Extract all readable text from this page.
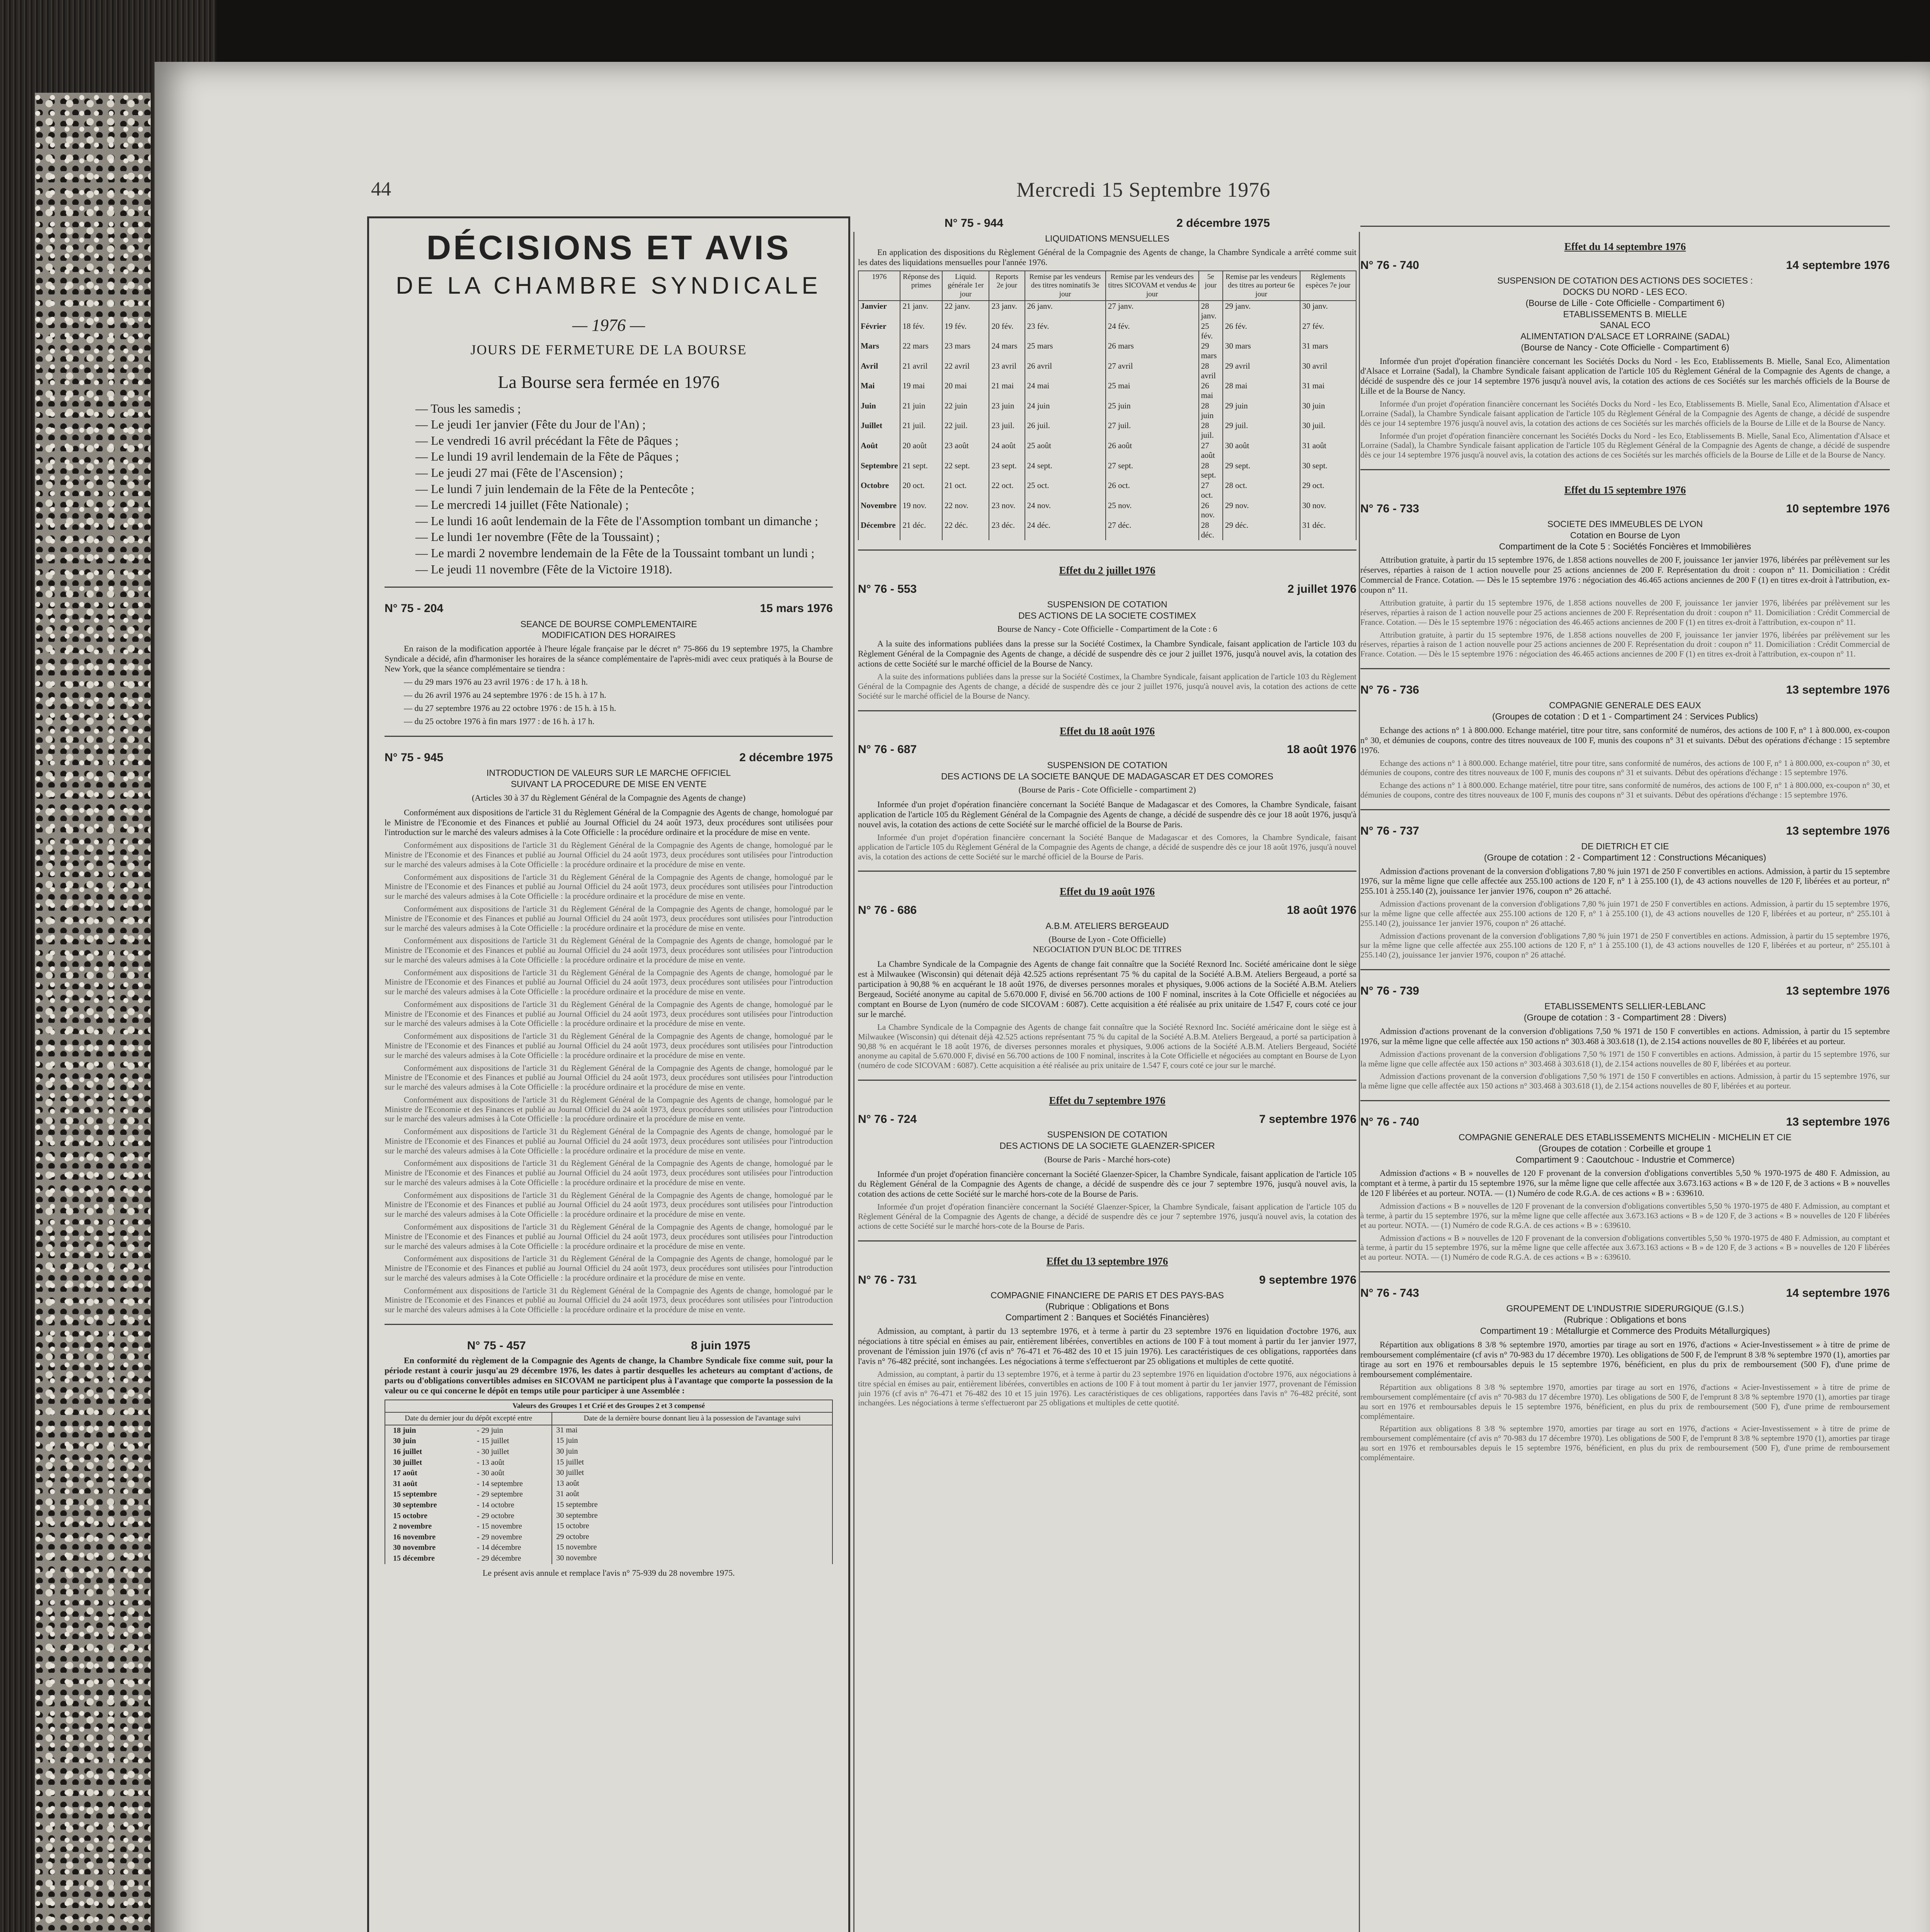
44	Mercredi 15 Septembre 1976
DÉCISIONS ET AVIS
DE LA CHAMBRE SYNDICALE
— 1976 —
JOURS DE FERMETURE DE LA BOURSE
La Bourse sera fermée en 1976
— Tous les samedis ;
— Le jeudi 1er janvier (Fête du Jour de l'An) ;
— Le vendredi 16 avril précédant la Fête de Pâques ;
— Le lundi 19 avril lendemain de la Fête de Pâques ;
— Le jeudi 27 mai (Fête de l'Ascension) ;
— Le lundi 7 juin lendemain de la Fête de la Pentecôte ;
— Le mercredi 14 juillet (Fête Nationale) ;
— Le lundi 16 août lendemain de la Fête de l'Assomption tombant un dimanche ;
— Le lundi 1er novembre (Fête de la Toussaint) ;
— Le mardi 2 novembre lendemain de la Fête de la Toussaint tombant un lundi ;
— Le jeudi 11 novembre (Fête de la Victoire 1918).
N° 75 - 204	15 mars 1976
SEANCE DE BOURSE COMPLEMENTAIRE
MODIFICATION DES HORAIRES

En raison de la modification apportée à l'heure légale française par le décret n° 75-866 du 19 septembre 1975, la Chambre Syndicale a décidé, afin d'harmoniser les horaires de la séance complémentaire de l'après-midi avec ceux pratiqués à la Bourse de New York, que la séance complémentaire se tiendra :

— du 29 mars 1976 au 23 avril 1976 : de 17 h. à 18 h.

— du 26 avril 1976 au 24 septembre 1976 : de 15 h. à 17 h.

— du 27 septembre 1976 au 22 octobre 1976 : de 15 h. à 15 h.

— du 25 octobre 1976 à fin mars 1977 : de 16 h. à 17 h.

N° 75 - 945	2 décembre 1975
INTRODUCTION DE VALEURS SUR LE MARCHE OFFICIEL
SUIVANT LA PROCEDURE DE MISE EN VENTE
(Articles 30 à 37 du Règlement Général de la Compagnie des Agents de change)

Conformément aux dispositions de l'article 31 du Règlement Général de la Compagnie des Agents de change, homologué par le Ministre de l'Economie et des Finances et publié au Journal Officiel du 24 août 1973, deux procédures sont utilisées pour l'introduction sur le marché des valeurs admises à la Cote Officielle : la procédure ordinaire et la procédure de mise en vente.

Conformément aux dispositions de l'article 31 du Règlement Général de la Compagnie des Agents de change, homologué par le Ministre de l'Economie et des Finances et publié au Journal Officiel du 24 août 1973, deux procédures sont utilisées pour l'introduction sur le marché des valeurs admises à la Cote Officielle : la procédure ordinaire et la procédure de mise en vente.

Conformément aux dispositions de l'article 31 du Règlement Général de la Compagnie des Agents de change, homologué par le Ministre de l'Economie et des Finances et publié au Journal Officiel du 24 août 1973, deux procédures sont utilisées pour l'introduction sur le marché des valeurs admises à la Cote Officielle : la procédure ordinaire et la procédure de mise en vente.

Conformément aux dispositions de l'article 31 du Règlement Général de la Compagnie des Agents de change, homologué par le Ministre de l'Economie et des Finances et publié au Journal Officiel du 24 août 1973, deux procédures sont utilisées pour l'introduction sur le marché des valeurs admises à la Cote Officielle : la procédure ordinaire et la procédure de mise en vente.

Conformément aux dispositions de l'article 31 du Règlement Général de la Compagnie des Agents de change, homologué par le Ministre de l'Economie et des Finances et publié au Journal Officiel du 24 août 1973, deux procédures sont utilisées pour l'introduction sur le marché des valeurs admises à la Cote Officielle : la procédure ordinaire et la procédure de mise en vente.

Conformément aux dispositions de l'article 31 du Règlement Général de la Compagnie des Agents de change, homologué par le Ministre de l'Economie et des Finances et publié au Journal Officiel du 24 août 1973, deux procédures sont utilisées pour l'introduction sur le marché des valeurs admises à la Cote Officielle : la procédure ordinaire et la procédure de mise en vente.

Conformément aux dispositions de l'article 31 du Règlement Général de la Compagnie des Agents de change, homologué par le Ministre de l'Economie et des Finances et publié au Journal Officiel du 24 août 1973, deux procédures sont utilisées pour l'introduction sur le marché des valeurs admises à la Cote Officielle : la procédure ordinaire et la procédure de mise en vente.

Conformément aux dispositions de l'article 31 du Règlement Général de la Compagnie des Agents de change, homologué par le Ministre de l'Economie et des Finances et publié au Journal Officiel du 24 août 1973, deux procédures sont utilisées pour l'introduction sur le marché des valeurs admises à la Cote Officielle : la procédure ordinaire et la procédure de mise en vente.

Conformément aux dispositions de l'article 31 du Règlement Général de la Compagnie des Agents de change, homologué par le Ministre de l'Economie et des Finances et publié au Journal Officiel du 24 août 1973, deux procédures sont utilisées pour l'introduction sur le marché des valeurs admises à la Cote Officielle : la procédure ordinaire et la procédure de mise en vente.

Conformément aux dispositions de l'article 31 du Règlement Général de la Compagnie des Agents de change, homologué par le Ministre de l'Economie et des Finances et publié au Journal Officiel du 24 août 1973, deux procédures sont utilisées pour l'introduction sur le marché des valeurs admises à la Cote Officielle : la procédure ordinaire et la procédure de mise en vente.

Conformément aux dispositions de l'article 31 du Règlement Général de la Compagnie des Agents de change, homologué par le Ministre de l'Economie et des Finances et publié au Journal Officiel du 24 août 1973, deux procédures sont utilisées pour l'introduction sur le marché des valeurs admises à la Cote Officielle : la procédure ordinaire et la procédure de mise en vente.

Conformément aux dispositions de l'article 31 du Règlement Général de la Compagnie des Agents de change, homologué par le Ministre de l'Economie et des Finances et publié au Journal Officiel du 24 août 1973, deux procédures sont utilisées pour l'introduction sur le marché des valeurs admises à la Cote Officielle : la procédure ordinaire et la procédure de mise en vente.

Conformément aux dispositions de l'article 31 du Règlement Général de la Compagnie des Agents de change, homologué par le Ministre de l'Economie et des Finances et publié au Journal Officiel du 24 août 1973, deux procédures sont utilisées pour l'introduction sur le marché des valeurs admises à la Cote Officielle : la procédure ordinaire et la procédure de mise en vente.

Conformément aux dispositions de l'article 31 du Règlement Général de la Compagnie des Agents de change, homologué par le Ministre de l'Economie et des Finances et publié au Journal Officiel du 24 août 1973, deux procédures sont utilisées pour l'introduction sur le marché des valeurs admises à la Cote Officielle : la procédure ordinaire et la procédure de mise en vente.

Conformément aux dispositions de l'article 31 du Règlement Général de la Compagnie des Agents de change, homologué par le Ministre de l'Economie et des Finances et publié au Journal Officiel du 24 août 1973, deux procédures sont utilisées pour l'introduction sur le marché des valeurs admises à la Cote Officielle : la procédure ordinaire et la procédure de mise en vente.

Conformément aux dispositions de l'article 31 du Règlement Général de la Compagnie des Agents de change, homologué par le Ministre de l'Economie et des Finances et publié au Journal Officiel du 24 août 1973, deux procédures sont utilisées pour l'introduction sur le marché des valeurs admises à la Cote Officielle : la procédure ordinaire et la procédure de mise en vente.

N° 75 - 457	8 juin 1975

En conformité du règlement de la Compagnie des Agents de change, la Chambre Syndicale fixe comme suit, pour la période restant à courir jusqu'au 29 décembre 1976, les dates à partir desquelles les acheteurs au comptant d'actions, de parts ou d'obligations convertibles admises en SICOVAM ne participent plus à l'avantage que comporte la possession de la valeur ou ce qui concerne le dépôt en temps utile pour participer à une Assemblée :

Valeurs des Groupes 1 et Crié et des Groupes 2 et 3 compensé	
Date du dernier jour du dépôt excepté entre	Date de la dernière bourse donnant lieu à la possession de l'avantage suivi
18 juin - 29 juin	31 mai
30 juin - 15 juillet	15 juin
16 juillet - 30 juillet	30 juin
30 juillet - 13 août	15 juillet
17 août - 30 août	30 juillet
31 août - 14 septembre	13 août
15 septembre - 29 septembre	31 août
30 septembre - 14 octobre	15 septembre
15 octobre - 29 octobre	30 septembre
2 novembre - 15 novembre	15 octobre
16 novembre - 29 novembre	29 octobre
30 novembre - 14 décembre	15 novembre
15 décembre - 29 décembre	30 novembre

Le présent avis annule et remplace l'avis n° 75-939 du 28 novembre 1975.

N° 75 - 944	2 décembre 1975
LIQUIDATIONS MENSUELLES

En application des dispositions du Règlement Général de la Compagnie des Agents de change, la Chambre Syndicale a arrêté comme suit les dates des liquidations mensuelles pour l'année 1976.

1976	Réponse des primes	Liquid. générale 1er jour	Reports 2e jour	Remise par les vendeurs des titres nominatifs 3e jour	Remise par les vendeurs des titres SICOVAM et vendus 4e jour	5e jour	Remise par les vendeurs des titres au porteur 6e jour	Règlements espèces 7e jour
Janvier	21 janv.	22 janv.	23 janv.	26 janv.	27 janv.	28 janv.	29 janv.	30 janv.
Février	18 fév.	19 fév.	20 fév.	23 fév.	24 fév.	25 fév.	26 fév.	27 fév.
Mars	22 mars	23 mars	24 mars	25 mars	26 mars	29 mars	30 mars	31 mars
Avril	21 avril	22 avril	23 avril	26 avril	27 avril	28 avril	29 avril	30 avril
Mai	19 mai	20 mai	21 mai	24 mai	25 mai	26 mai	28 mai	31 mai
Juin	21 juin	22 juin	23 juin	24 juin	25 juin	28 juin	29 juin	30 juin
Juillet	21 juil.	22 juil.	23 juil.	26 juil.	27 juil.	28 juil.	29 juil.	30 juil.
Août	20 août	23 août	24 août	25 août	26 août	27 août	30 août	31 août
Septembre	21 sept.	22 sept.	23 sept.	24 sept.	27 sept.	28 sept.	29 sept.	30 sept.
Octobre	20 oct.	21 oct.	22 oct.	25 oct.	26 oct.	27 oct.	28 oct.	29 oct.
Novembre	19 nov.	22 nov.	23 nov.	24 nov.	25 nov.	26 nov.	29 nov.	30 nov.
Décembre	21 déc.	22 déc.	23 déc.	24 déc.	27 déc.	28 déc.	29 déc.	31 déc.
Effet du 2 juillet 1976
N° 76 - 553	2 juillet 1976
SUSPENSION DE COTATION
DES ACTIONS DE LA SOCIETE COSTIMEX
Bourse de Nancy - Cote Officielle - Compartiment de la Cote : 6

A la suite des informations publiées dans la presse sur la Société Costimex, la Chambre Syndicale, faisant application de l'article 103 du Règlement Général de la Compagnie des Agents de change, a décidé de suspendre dès ce jour 2 juillet 1976, jusqu'à nouvel avis, la cotation des actions de cette Société sur le marché officiel de la Bourse de Nancy.

A la suite des informations publiées dans la presse sur la Société Costimex, la Chambre Syndicale, faisant application de l'article 103 du Règlement Général de la Compagnie des Agents de change, a décidé de suspendre dès ce jour 2 juillet 1976, jusqu'à nouvel avis, la cotation des actions de cette Société sur le marché officiel de la Bourse de Nancy.

Effet du 18 août 1976
N° 76 - 687	18 août 1976
SUSPENSION DE COTATION
DES ACTIONS DE LA SOCIETE BANQUE DE MADAGASCAR ET DES COMORES
(Bourse de Paris - Cote Officielle - compartiment 2)

Informée d'un projet d'opération financière concernant la Société Banque de Madagascar et des Comores, la Chambre Syndicale, faisant application de l'article 105 du Règlement Général de la Compagnie des Agents de change, a décidé de suspendre dès ce jour 18 août 1976, jusqu'à nouvel avis, la cotation des actions de cette Société sur le marché officiel de la Bourse de Paris.

Informée d'un projet d'opération financière concernant la Société Banque de Madagascar et des Comores, la Chambre Syndicale, faisant application de l'article 105 du Règlement Général de la Compagnie des Agents de change, a décidé de suspendre dès ce jour 18 août 1976, jusqu'à nouvel avis, la cotation des actions de cette Société sur le marché officiel de la Bourse de Paris.

Effet du 19 août 1976
N° 76 - 686	18 août 1976
A.B.M. ATELIERS BERGEAUD
(Bourse de Lyon - Cote Officielle)
NEGOCIATION D'UN BLOC DE TITRES

La Chambre Syndicale de la Compagnie des Agents de change fait connaître que la Société Rexnord Inc. Société américaine dont le siège est à Milwaukee (Wisconsin) qui détenait déjà 42.525 actions représentant 75 % du capital de la Société A.B.M. Ateliers Bergeaud, a porté sa participation à 90,88 % en acquérant le 18 août 1976, de diverses personnes morales et physiques, 9.006 actions de la Société A.B.M. Ateliers Bergeaud, Société anonyme au capital de 5.670.000 F, divisé en 56.700 actions de 100 F nominal, inscrites à la Cote Officielle et négociées au comptant en Bourse de Lyon (numéro de code SICOVAM : 6087). Cette acquisition a été réalisée au prix unitaire de 1.547 F, cours coté ce jour sur le marché.

La Chambre Syndicale de la Compagnie des Agents de change fait connaître que la Société Rexnord Inc. Société américaine dont le siège est à Milwaukee (Wisconsin) qui détenait déjà 42.525 actions représentant 75 % du capital de la Société A.B.M. Ateliers Bergeaud, a porté sa participation à 90,88 % en acquérant le 18 août 1976, de diverses personnes morales et physiques, 9.006 actions de la Société A.B.M. Ateliers Bergeaud, Société anonyme au capital de 5.670.000 F, divisé en 56.700 actions de 100 F nominal, inscrites à la Cote Officielle et négociées au comptant en Bourse de Lyon (numéro de code SICOVAM : 6087). Cette acquisition a été réalisée au prix unitaire de 1.547 F, cours coté ce jour sur le marché.

Effet du 7 septembre 1976
N° 76 - 724	7 septembre 1976
SUSPENSION DE COTATION
DES ACTIONS DE LA SOCIETE GLAENZER-SPICER
(Bourse de Paris - Marché hors-cote)

Informée d'un projet d'opération financière concernant la Société Glaenzer-Spicer, la Chambre Syndicale, faisant application de l'article 105 du Règlement Général de la Compagnie des Agents de change, a décidé de suspendre dès ce jour 7 septembre 1976, jusqu'à nouvel avis, la cotation des actions de cette Société sur le marché hors-cote de la Bourse de Paris.

Informée d'un projet d'opération financière concernant la Société Glaenzer-Spicer, la Chambre Syndicale, faisant application de l'article 105 du Règlement Général de la Compagnie des Agents de change, a décidé de suspendre dès ce jour 7 septembre 1976, jusqu'à nouvel avis, la cotation des actions de cette Société sur le marché hors-cote de la Bourse de Paris.

Effet du 13 septembre 1976
N° 76 - 731	9 septembre 1976
COMPAGNIE FINANCIERE DE PARIS ET DES PAYS-BAS
(Rubrique : Obligations et Bons
Compartiment 2 : Banques et Sociétés Financières)

Admission, au comptant, à partir du 13 septembre 1976, et à terme à partir du 23 septembre 1976 en liquidation d'octobre 1976, aux négociations à titre spécial en émises au pair, entièrement libérées, convertibles en actions de 100 F à tout moment à partir du 1er janvier 1977, provenant de l'émission juin 1976 (cf avis n° 76-471 et 76-482 des 10 et 15 juin 1976). Les caractéristiques de ces obligations, rapportées dans l'avis n° 76-482 précité, sont inchangées. Les négociations à terme s'effectueront par 25 obligations et multiples de cette quotité.

Admission, au comptant, à partir du 13 septembre 1976, et à terme à partir du 23 septembre 1976 en liquidation d'octobre 1976, aux négociations à titre spécial en émises au pair, entièrement libérées, convertibles en actions de 100 F à tout moment à partir du 1er janvier 1977, provenant de l'émission juin 1976 (cf avis n° 76-471 et 76-482 des 10 et 15 juin 1976). Les caractéristiques de ces obligations, rapportées dans l'avis n° 76-482 précité, sont inchangées. Les négociations à terme s'effectueront par 25 obligations et multiples de cette quotité.

Effet du 14 septembre 1976
N° 76 - 740	14 septembre 1976
SUSPENSION DE COTATION DES ACTIONS DES SOCIETES :
DOCKS DU NORD - LES ECO.
(Bourse de Lille - Cote Officielle - Compartiment 6)
ETABLISSEMENTS B. MIELLE
SANAL ECO
ALIMENTATION D'ALSACE ET LORRAINE (SADAL)
(Bourse de Nancy - Cote Officielle - Compartiment 6)

Informée d'un projet d'opération financière concernant les Sociétés Docks du Nord - les Eco, Etablissements B. Mielle, Sanal Eco, Alimentation d'Alsace et Lorraine (Sadal), la Chambre Syndicale faisant application de l'article 105 du Règlement Général de la Compagnie des Agents de change, a décidé de suspendre dès ce jour 14 septembre 1976 jusqu'à nouvel avis, la cotation des actions de ces Sociétés sur les marchés officiels de la Bourse de Lille et de la Bourse de Nancy.

Informée d'un projet d'opération financière concernant les Sociétés Docks du Nord - les Eco, Etablissements B. Mielle, Sanal Eco, Alimentation d'Alsace et Lorraine (Sadal), la Chambre Syndicale faisant application de l'article 105 du Règlement Général de la Compagnie des Agents de change, a décidé de suspendre dès ce jour 14 septembre 1976 jusqu'à nouvel avis, la cotation des actions de ces Sociétés sur les marchés officiels de la Bourse de Lille et de la Bourse de Nancy.

Informée d'un projet d'opération financière concernant les Sociétés Docks du Nord - les Eco, Etablissements B. Mielle, Sanal Eco, Alimentation d'Alsace et Lorraine (Sadal), la Chambre Syndicale faisant application de l'article 105 du Règlement Général de la Compagnie des Agents de change, a décidé de suspendre dès ce jour 14 septembre 1976 jusqu'à nouvel avis, la cotation des actions de ces Sociétés sur les marchés officiels de la Bourse de Lille et de la Bourse de Nancy.

Effet du 15 septembre 1976
N° 76 - 733	10 septembre 1976
SOCIETE DES IMMEUBLES DE LYON
Cotation en Bourse de Lyon
Compartiment de la Cote 5 : Sociétés Foncières et Immobilières

Attribution gratuite, à partir du 15 septembre 1976, de 1.858 actions nouvelles de 200 F, jouissance 1er janvier 1976, libérées par prélèvement sur les réserves, réparties à raison de 1 action nouvelle pour 25 actions anciennes de 200 F. Représentation du droit : coupon n° 11. Domiciliation : Crédit Commercial de France. Cotation. — Dès le 15 septembre 1976 : négociation des 46.465 actions anciennes de 200 F (1) en titres ex-droit à l'attribution, ex-coupon n° 11.

Attribution gratuite, à partir du 15 septembre 1976, de 1.858 actions nouvelles de 200 F, jouissance 1er janvier 1976, libérées par prélèvement sur les réserves, réparties à raison de 1 action nouvelle pour 25 actions anciennes de 200 F. Représentation du droit : coupon n° 11. Domiciliation : Crédit Commercial de France. Cotation. — Dès le 15 septembre 1976 : négociation des 46.465 actions anciennes de 200 F (1) en titres ex-droit à l'attribution, ex-coupon n° 11.

Attribution gratuite, à partir du 15 septembre 1976, de 1.858 actions nouvelles de 200 F, jouissance 1er janvier 1976, libérées par prélèvement sur les réserves, réparties à raison de 1 action nouvelle pour 25 actions anciennes de 200 F. Représentation du droit : coupon n° 11. Domiciliation : Crédit Commercial de France. Cotation. — Dès le 15 septembre 1976 : négociation des 46.465 actions anciennes de 200 F (1) en titres ex-droit à l'attribution, ex-coupon n° 11.

N° 76 - 736	13 septembre 1976
COMPAGNIE GENERALE DES EAUX
(Groupes de cotation : D et 1 - Compartiment 24 : Services Publics)

Echange des actions n° 1 à 800.000. Echange matériel, titre pour titre, sans conformité de numéros, des actions de 100 F, n° 1 à 800.000, ex-coupon n° 30, et démunies de coupons, contre des titres nouveaux de 100 F, munis des coupons n° 31 et suivants. Début des opérations d'échange : 15 septembre 1976.

Echange des actions n° 1 à 800.000. Echange matériel, titre pour titre, sans conformité de numéros, des actions de 100 F, n° 1 à 800.000, ex-coupon n° 30, et démunies de coupons, contre des titres nouveaux de 100 F, munis des coupons n° 31 et suivants. Début des opérations d'échange : 15 septembre 1976.

Echange des actions n° 1 à 800.000. Echange matériel, titre pour titre, sans conformité de numéros, des actions de 100 F, n° 1 à 800.000, ex-coupon n° 30, et démunies de coupons, contre des titres nouveaux de 100 F, munis des coupons n° 31 et suivants. Début des opérations d'échange : 15 septembre 1976.

N° 76 - 737	13 septembre 1976
DE DIETRICH ET CIE
(Groupe de cotation : 2 - Compartiment 12 : Constructions Mécaniques)

Admission d'actions provenant de la conversion d'obligations 7,80 % juin 1971 de 250 F convertibles en actions. Admission, à partir du 15 septembre 1976, sur la même ligne que celle affectée aux 255.100 actions de 120 F, n° 1 à 255.100 (1), de 43 actions nouvelles de 120 F, libérées et au porteur, n° 255.101 à 255.140 (2), jouissance 1er janvier 1976, coupon n° 26 attaché.

Admission d'actions provenant de la conversion d'obligations 7,80 % juin 1971 de 250 F convertibles en actions. Admission, à partir du 15 septembre 1976, sur la même ligne que celle affectée aux 255.100 actions de 120 F, n° 1 à 255.100 (1), de 43 actions nouvelles de 120 F, libérées et au porteur, n° 255.101 à 255.140 (2), jouissance 1er janvier 1976, coupon n° 26 attaché.

Admission d'actions provenant de la conversion d'obligations 7,80 % juin 1971 de 250 F convertibles en actions. Admission, à partir du 15 septembre 1976, sur la même ligne que celle affectée aux 255.100 actions de 120 F, n° 1 à 255.100 (1), de 43 actions nouvelles de 120 F, libérées et au porteur, n° 255.101 à 255.140 (2), jouissance 1er janvier 1976, coupon n° 26 attaché.

N° 76 - 739	13 septembre 1976
ETABLISSEMENTS SELLIER-LEBLANC
(Groupe de cotation : 3 - Compartiment 28 : Divers)

Admission d'actions provenant de la conversion d'obligations 7,50 % 1971 de 150 F convertibles en actions. Admission, à partir du 15 septembre 1976, sur la même ligne que celle affectée aux 150 actions n° 303.468 à 303.618 (1), de 2.154 actions nouvelles de 80 F, libérées et au porteur.

Admission d'actions provenant de la conversion d'obligations 7,50 % 1971 de 150 F convertibles en actions. Admission, à partir du 15 septembre 1976, sur la même ligne que celle affectée aux 150 actions n° 303.468 à 303.618 (1), de 2.154 actions nouvelles de 80 F, libérées et au porteur.

Admission d'actions provenant de la conversion d'obligations 7,50 % 1971 de 150 F convertibles en actions. Admission, à partir du 15 septembre 1976, sur la même ligne que celle affectée aux 150 actions n° 303.468 à 303.618 (1), de 2.154 actions nouvelles de 80 F, libérées et au porteur.

N° 76 - 740	13 septembre 1976
COMPAGNIE GENERALE DES ETABLISSEMENTS MICHELIN - MICHELIN ET CIE
(Groupes de cotation : Corbeille et groupe 1
Compartiment 9 : Caoutchouc - Industrie et Commerce)

Admission d'actions « B » nouvelles de 120 F provenant de la conversion d'obligations convertibles 5,50 % 1970-1975 de 480 F. Admission, au comptant et à terme, à partir du 15 septembre 1976, sur la même ligne que celle affectée aux 3.673.163 actions « B » de 120 F, de 3 actions « B » nouvelles de 120 F libérées et au porteur. NOTA. — (1) Numéro de code R.G.A. de ces actions « B » : 639610.

Admission d'actions « B » nouvelles de 120 F provenant de la conversion d'obligations convertibles 5,50 % 1970-1975 de 480 F. Admission, au comptant et à terme, à partir du 15 septembre 1976, sur la même ligne que celle affectée aux 3.673.163 actions « B » de 120 F, de 3 actions « B » nouvelles de 120 F libérées et au porteur. NOTA. — (1) Numéro de code R.G.A. de ces actions « B » : 639610.

Admission d'actions « B » nouvelles de 120 F provenant de la conversion d'obligations convertibles 5,50 % 1970-1975 de 480 F. Admission, au comptant et à terme, à partir du 15 septembre 1976, sur la même ligne que celle affectée aux 3.673.163 actions « B » de 120 F, de 3 actions « B » nouvelles de 120 F libérées et au porteur. NOTA. — (1) Numéro de code R.G.A. de ces actions « B » : 639610.

N° 76 - 743	14 septembre 1976
GROUPEMENT DE L'INDUSTRIE SIDERURGIQUE (G.I.S.)
(Rubrique : Obligations et bons
Compartiment 19 : Métallurgie et Commerce des Produits Métallurgiques)

Répartition aux obligations 8 3/8 % septembre 1970, amorties par tirage au sort en 1976, d'actions « Acier-Investissement » à titre de prime de remboursement complémentaire (cf avis n° 70-983 du 17 décembre 1970). Les obligations de 500 F, de l'emprunt 8 3/8 % septembre 1970 (1), amorties par tirage au sort en 1976 et remboursables depuis le 15 septembre 1976, bénéficient, en plus du prix de remboursement (500 F), d'une prime de remboursement complémentaire.

Répartition aux obligations 8 3/8 % septembre 1970, amorties par tirage au sort en 1976, d'actions « Acier-Investissement » à titre de prime de remboursement complémentaire (cf avis n° 70-983 du 17 décembre 1970). Les obligations de 500 F, de l'emprunt 8 3/8 % septembre 1970 (1), amorties par tirage au sort en 1976 et remboursables depuis le 15 septembre 1976, bénéficient, en plus du prix de remboursement (500 F), d'une prime de remboursement complémentaire.

Répartition aux obligations 8 3/8 % septembre 1970, amorties par tirage au sort en 1976, d'actions « Acier-Investissement » à titre de prime de remboursement complémentaire (cf avis n° 70-983 du 17 décembre 1970). Les obligations de 500 F, de l'emprunt 8 3/8 % septembre 1970 (1), amorties par tirage au sort en 1976 et remboursables depuis le 15 septembre 1976, bénéficient, en plus du prix de remboursement (500 F), d'une prime de remboursement complémentaire.
